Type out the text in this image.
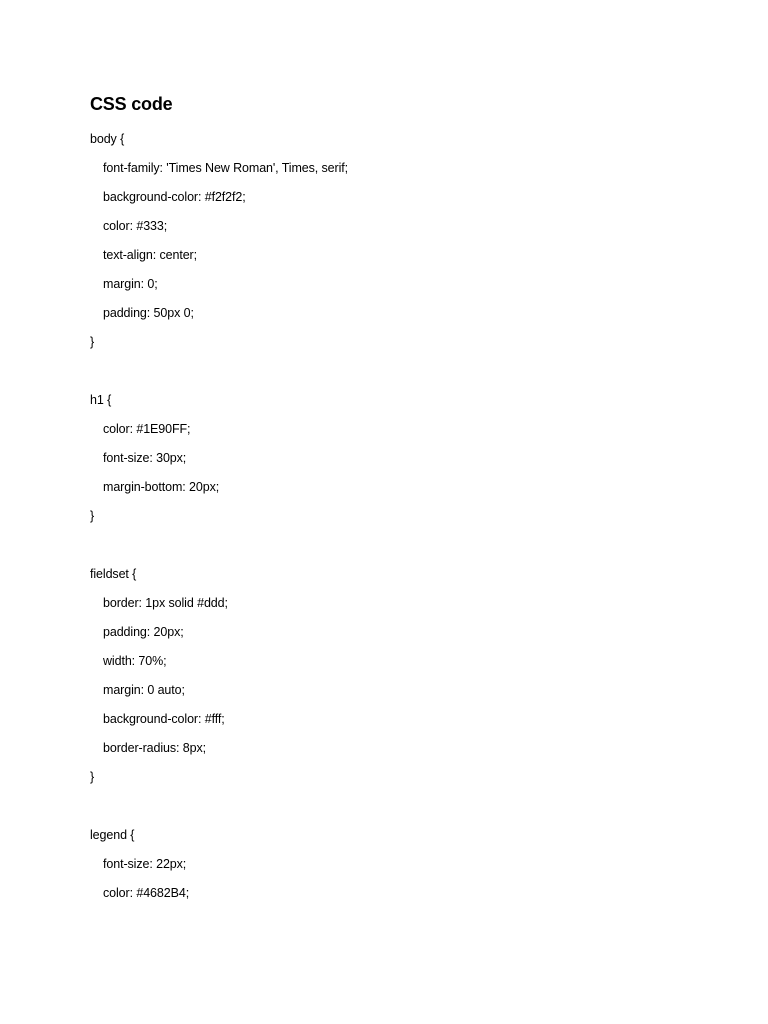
CSS code
body {
font-family: 'Times New Roman', Times, serif;
background-color: #f2f2f2;
color: #333;
text-align: center;
margin: 0;
padding: 50px 0;
}
h1 {
color: #1E90FF;
font-size: 30px;
margin-bottom: 20px;
}
fieldset {
border: 1px solid #ddd;
padding: 20px;
width: 70%;
margin: 0 auto;
background-color: #fff;
border-radius: 8px;
}
legend {
font-size: 22px;
color: #4682B4;
